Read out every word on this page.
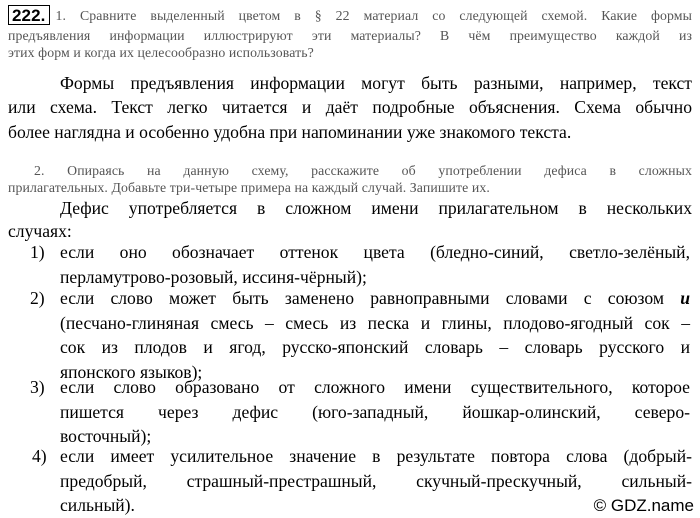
222. 1. Сравните выделенный цветом в § 22 материал со следующей схемой. Какие формы
предъявления информации иллюстрируют эти материалы? В чём преимущество каждой из
этих форм и когда их целесообразно использовать?
Формы предъявления информации могут быть разными, например, текст
или схема. Текст легко читается и даёт подробные объяснения. Схема обычно
более наглядна и особенно удобна при напоминании уже знакомого текста.
2. Опираясь на данную схему, расскажите об употреблении дефиса в сложных
прилагательных. Добавьте три-четыре примера на каждый случай. Запишите их.
Дефис употребляется в сложном имени прилагательном в нескольких
случаях:
1) если оно обозначает оттенок цвета (бледно-синий, светло-зелёный,
перламутрово-розовый, иссиня-чёрный);
2) если слово может быть заменено равноправными словами с союзом и
(песчано-глиняная смесь – смесь из песка и глины, плодово-ягодный сок –
сок из плодов и ягод, русско-японский словарь – словарь русского и
японского языков);
3) если слово образовано от сложного имени существительного, которое
пишется через дефис (юго-западный, йошкар-олинский, северо-
восточный);
4) если имеет усилительное значение в результате повтора слова (добрый-
предобрый, страшный-престрашный, скучный-прескучный, сильный-
сильный).	© GDZ.name
